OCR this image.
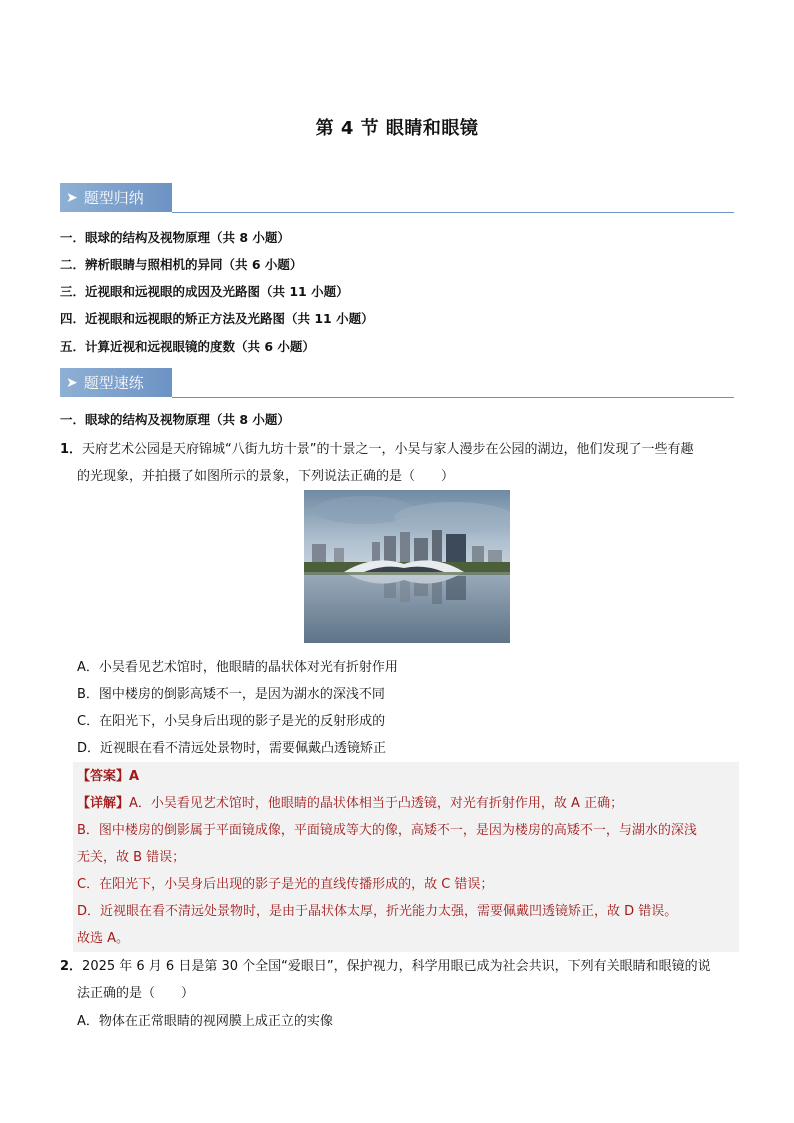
第 4 节 眼睛和眼镜
➤ 题型归纳
一．眼球的结构及视物原理（共 8 小题）
二．辨析眼睛与照相机的异同（共 6 小题）
三．近视眼和远视眼的成因及光路图（共 11 小题）
四．近视眼和远视眼的矫正方法及光路图（共 11 小题）
五．计算近视和远视眼镜的度数（共 6 小题）
➤ 题型速练
一．眼球的结构及视物原理（共 8 小题）
1．天府艺术公园是天府锦城“八街九坊十景”的十景之一，小吴与家人漫步在公园的湖边，他们发现了一些有趣
的光现象，并拍摄了如图所示的景象，下列说法正确的是（　　）
A．小吴看见艺术馆时，他眼睛的晶状体对光有折射作用
B．图中楼房的倒影高矮不一，是因为湖水的深浅不同
C．在阳光下，小吴身后出现的影子是光的反射形成的
D．近视眼在看不清远处景物时，需要佩戴凸透镜矫正
【答案】A
【详解】A．小吴看见艺术馆时，他眼睛的晶状体相当于凸透镜，对光有折射作用，故 A 正确；
B．图中楼房的倒影属于平面镜成像，平面镜成等大的像，高矮不一，是因为楼房的高矮不一，与湖水的深浅
无关，故 B 错误；
C．在阳光下，小吴身后出现的影子是光的直线传播形成的，故 C 错误；
D．近视眼在看不清远处景物时，是由于晶状体太厚，折光能力太强，需要佩戴凹透镜矫正，故 D 错误。
故选 A。
2．2025 年 6 月 6 日是第 30 个全国“爱眼日”，保护视力，科学用眼已成为社会共识，下列有关眼睛和眼镜的说
法正确的是（　　）
A．物体在正常眼睛的视网膜上成正立的实像
